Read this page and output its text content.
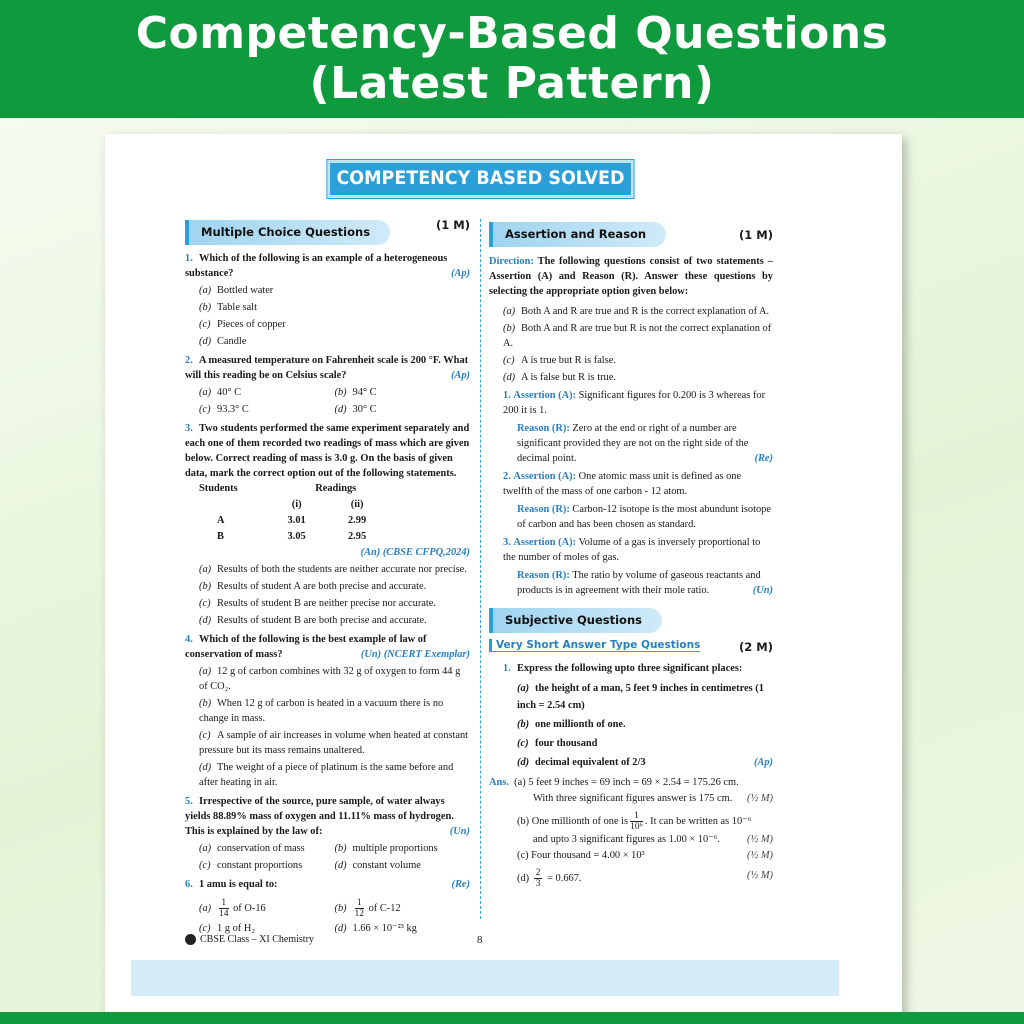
Competency-Based Questions
(Latest Pattern)
COMPETENCY BASED SOLVED EXAMPLES
Multiple Choice Questions	(1 M)
1. Which of the following is an example of a heterogeneous substance?	(Ap)
(a) Bottled water
(b) Table salt
(c) Pieces of copper
(d) Candle
2. A measured temperature on Fahrenheit scale is 200 °F. What will this reading be on Celsius scale?	(Ap)
(a) 40° C	(b) 94° C
(c) 93.3° C	(d) 30° C
3. Two students performed the same experiment separately and each one of them recorded two readings of mass which are given below. Correct reading of mass is 3.0 g. On the basis of given data, mark the correct option out of the following statements.
Students		Readings
	(i)	(ii)
A	3.01	2.99
B	3.05	2.95
(An) (CBSE CFPQ,2024)
(a) Results of both the students are neither accurate nor precise.
(b) Results of student A are both precise and accurate.
(c) Results of student B are neither precise nor accurate.
(d) Results of student B are both precise and accurate.
4. Which of the following is the best example of law of conservation of mass?	(Un) (NCERT Exemplar)
(a) 12 g of carbon combines with 32 g of oxygen to form 44 g of CO₂.
(b) When 12 g of carbon is heated in a vacuum there is no change in mass.
(c) A sample of air increases in volume when heated at constant pressure but its mass remains unaltered.
(d) The weight of a piece of platinum is the same before and after heating in air.
5. Irrespective of the source, pure sample, of water always yields 88.89% mass of oxygen and 11.11% mass of hydrogen. This is explained by the law of:	(Un)
(a) conservation of mass	(b) multiple proportions
(c) constant proportions	(d) constant volume
6. 1 amu is equal to:	(Re)
$(a) \frac{1}{14}$ of O-16	$(b) \frac{1}{12}$ of C-12
(c) 1 g of H₂	(d) 1.66 × 10⁻²³ kg
Assertion and Reason	(1 M)
Direction: The following questions consist of two statements – Assertion (A) and Reason (R). Answer these questions by selecting the appropriate option given below:
(a) Both A and R are true and R is the correct explanation of A.
(b) Both A and R are true but R is not the correct explanation of A.
(c) A is true but R is false.
(d) A is false but R is true.
1. Assertion (A): Significant figures for 0.200 is 3 whereas for 200 it is 1.
Reason (R): Zero at the end or right of a number are significant provided they are not on the right side of the decimal point.	(Re)
2. Assertion (A): One atomic mass unit is defined as one twelfth of the mass of one carbon - 12 atom.
Reason (R): Carbon-12 isotope is the most abundunt isotope of carbon and has been chosen as standard.
3. Assertion (A): Volume of a gas is inversely proportional to the number of moles of gas.
Reason (R): The ratio by volume of gaseous reactants and products is in agreement with their mole ratio.	(Un)
Subjective Questions
Very Short Answer Type Questions	(2 M)
1. Express the following upto three significant places:
(a) the height of a man, 5 feet 9 inches in centimetres (1 inch = 2.54 cm)
(b) one millionth of one.
(c) four thousand
(d) decimal equivalent of 2/3	(Ap)
Ans. (a) 5 feet 9 inches = 69 inch = 69 × 2.54 = 175.26 cm.
With three significant figures answer is 175 cm. (½ M)
(b) One millionth of one is $\frac{1}{\text{10⁶}}$ . It can be written as 10⁻⁶
and upto 3 significant figures as 1.00 × 10⁻⁶.	(½ M)
(c) Four thousand = 4.00 × 10³	(½ M)
$(d) \frac{2}{3} = 0.667$.	(½ M)
CBSE Class – XI Chemistry	8
